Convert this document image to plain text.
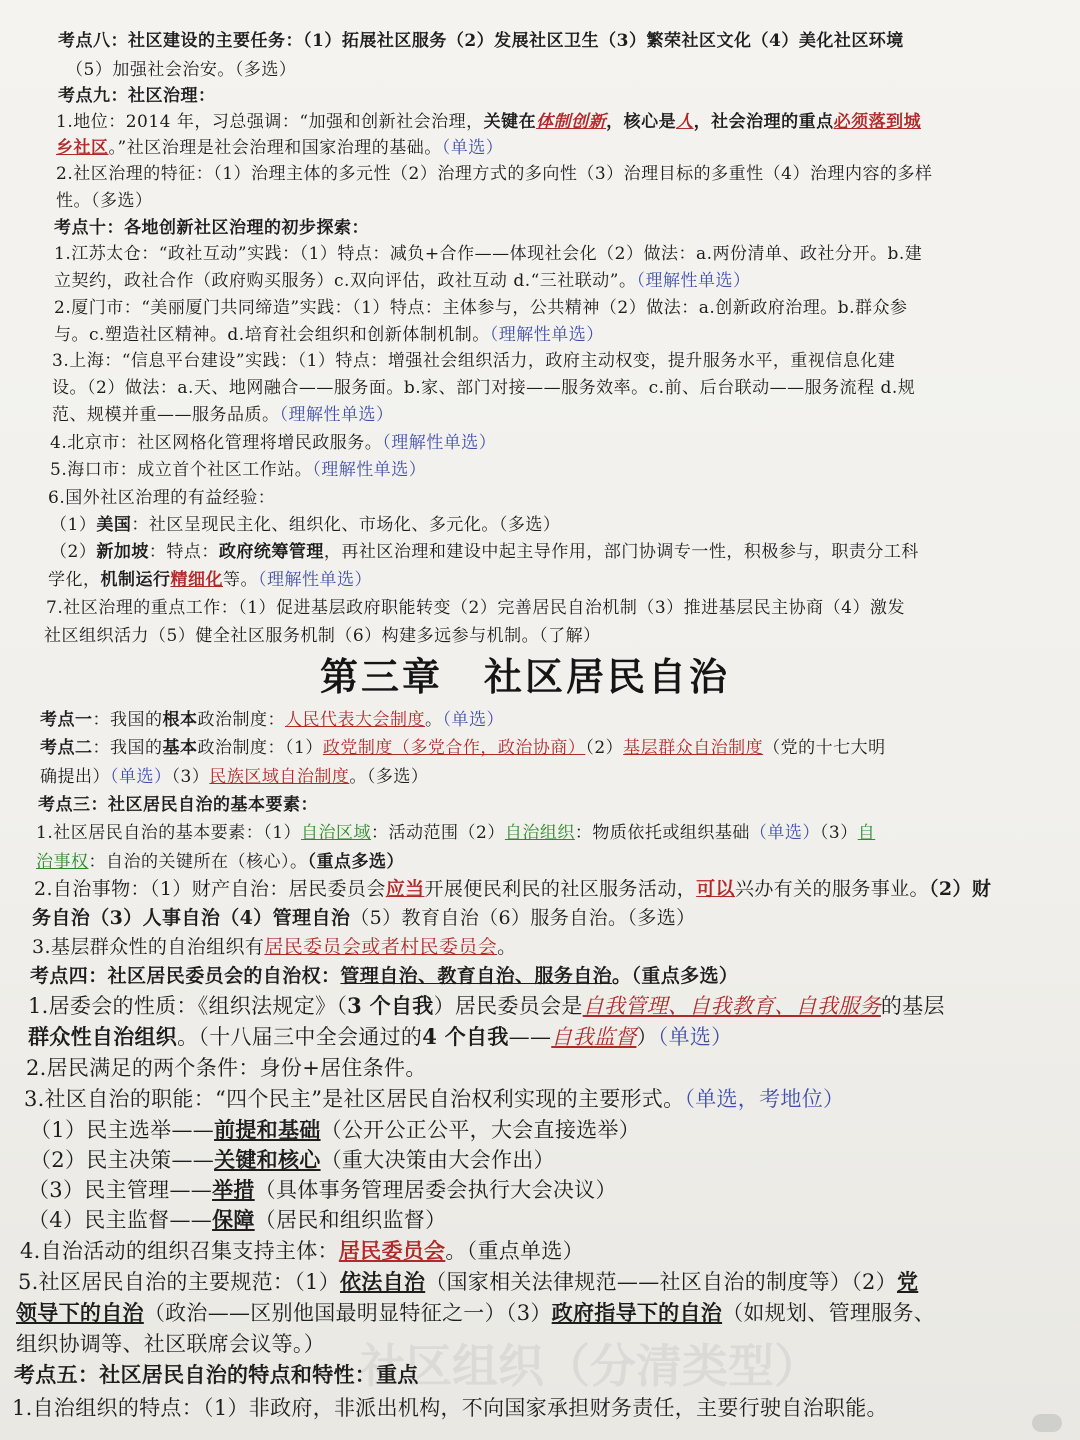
社区组织（分清类型）
考点八：社区建设的主要任务：（1）拓展社区服务（2）发展社区卫生（3）繁荣社区文化（4）美化社区环境
（5）加强社会治安。（多选）
考点九：社区治理：
1.地位：2014 年，习总强调：“加强和创新社会治理，关键在体制创新，核心是人，社会治理的重点必须落到城
乡社区。”社区治理是社会治理和国家治理的基础。（单选）
2.社区治理的特征：（1）治理主体的多元性（2）治理方式的多向性（3）治理目标的多重性（4）治理内容的多样
性。（多选）
考点十：各地创新社区治理的初步探索：
1.江苏太仓：“政社互动”实践：（1）特点：减负+合作——体现社会化（2）做法：a.两份清单、政社分开。b.建
立契约，政社合作（政府购买服务）c.双向评估，政社互动 d.“三社联动”。（理解性单选）
2.厦门市：“美丽厦门共同缔造”实践：（1）特点：主体参与，公共精神（2）做法：a.创新政府治理。b.群众参
与。c.塑造社区精神。d.培育社会组织和创新体制机制。（理解性单选）
3.上海：“信息平台建设”实践：（1）特点：增强社会组织活力，政府主动权变，提升服务水平，重视信息化建
设。（2）做法：a.天、地网融合——服务面。b.家、部门对接——服务效率。c.前、后台联动——服务流程 d.规
范、规模并重——服务品质。（理解性单选）
4.北京市：社区网格化管理将增民政服务。（理解性单选）
5.海口市：成立首个社区工作站。（理解性单选）
6.国外社区治理的有益经验：
（1）美国：社区呈现民主化、组织化、市场化、多元化。（多选）
（2）新加坡：特点：政府统筹管理，再社区治理和建设中起主导作用，部门协调专一性，积极参与，职责分工科
学化，机制运行精细化等。（理解性单选）
7.社区治理的重点工作：（1）促进基层政府职能转变（2）完善居民自治机制（3）推进基层民主协商（4）激发
社区组织活力（5）健全社区服务机制（6）构建多远参与机制。（了解）
第三章　社区居民自治
考点一：我国的根本政治制度：人民代表大会制度。（单选）
考点二：我国的基本政治制度：（1）政党制度（多党合作，政治协商）（2）基层群众自治制度（党的十七大明
确提出）（单选）（3）民族区域自治制度。（多选）
考点三：社区居民自治的基本要素：
1.社区居民自治的基本要素：（1）自治区域：活动范围（2）自治组织：物质依托或组织基础（单选）（3）自
治事权：自治的关键所在（核心）。（重点多选）
2.自治事物：（1）财产自治：居民委员会应当开展便民利民的社区服务活动，可以兴办有关的服务事业。（2）财
务自治（3）人事自治（4）管理自治（5）教育自治（6）服务自治。（多选）
3.基层群众性的自治组织有居民委员会或者村民委员会。
考点四：社区居民委员会的自治权：管理自治、教育自治、服务自治。（重点多选）
1.居委会的性质：《组织法规定》（3 个自我）居民委员会是自我管理、自我教育、自我服务的基层
群众性自治组织。（十八届三中全会通过的4 个自我——自我监督）（单选）
2.居民满足的两个条件：身份+居住条件。
3.社区自治的职能：“四个民主”是社区居民自治权利实现的主要形式。（单选，考地位）
（1）民主选举——前提和基础（公开公正公平，大会直接选举）
（2）民主决策——关键和核心（重大决策由大会作出）
（3）民主管理——举措（具体事务管理居委会执行大会决议）
（4）民主监督——保障（居民和组织监督）
4.自治活动的组织召集支持主体：居民委员会。（重点单选）
5.社区居民自治的主要规范：（1）依法自治（国家相关法律规范——社区自治的制度等）（2）党
领导下的自治（政治——区别他国最明显特征之一）（3）政府指导下的自治（如规划、管理服务、
组织协调等、社区联席会议等。）
考点五：社区居民自治的特点和特性：重点
1.自治组织的特点：（1）非政府，非派出机构，不向国家承担财务责任，主要行驶自治职能。
